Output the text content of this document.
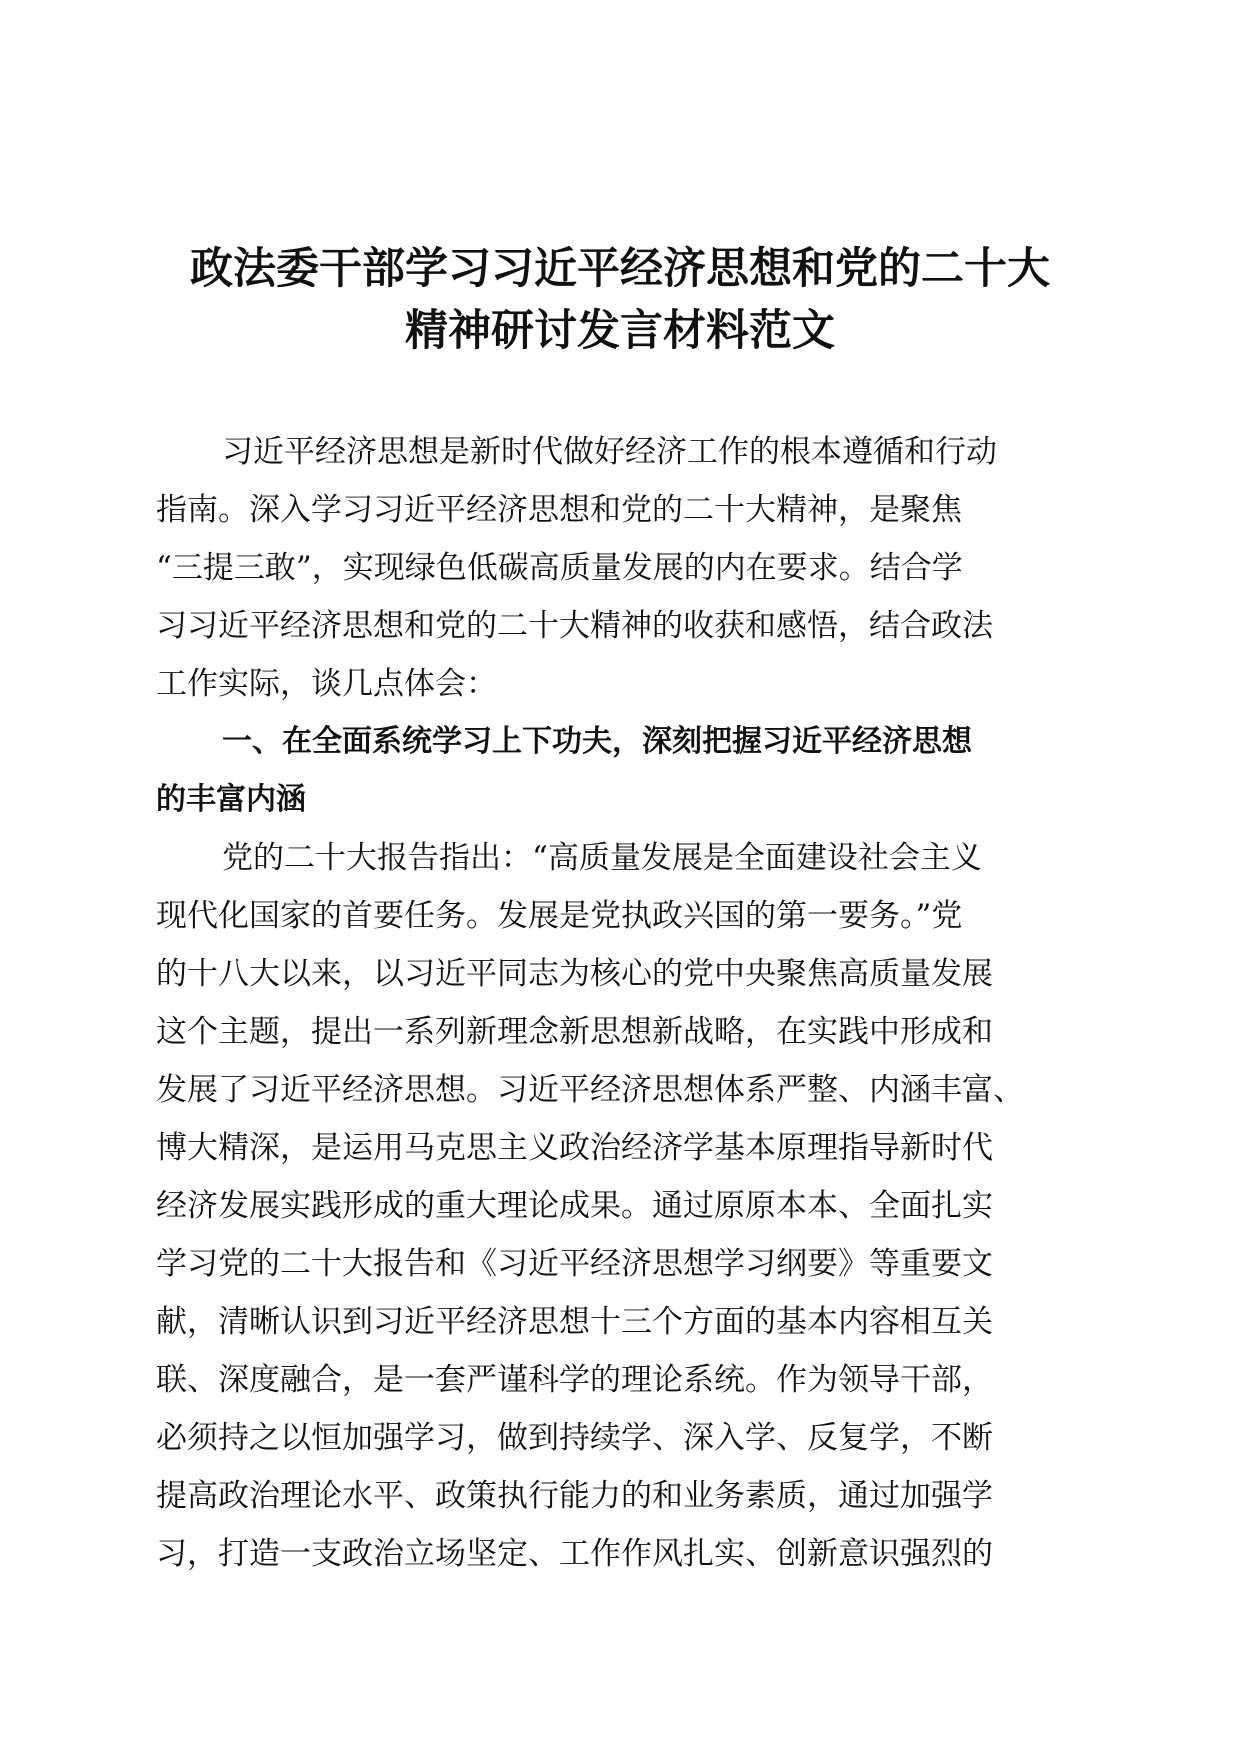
政法委干部学习习近平经济思想和党的二十大
精神研讨发言材料范文
习近平经济思想是新时代做好经济工作的根本遵循和行动
指南。深入学习习近平经济思想和党的二十大精神，是聚焦
“三提三敢”，实现绿色低碳高质量发展的内在要求。结合学
习习近平经济思想和党的二十大精神的收获和感悟，结合政法
工作实际，谈几点体会：
一、在全面系统学习上下功夫，深刻把握习近平经济思想
的丰富内涵
党的二十大报告指出：“高质量发展是全面建设社会主义
现代化国家的首要任务。发展是党执政兴国的第一要务。”党
的十八大以来，以习近平同志为核心的党中央聚焦高质量发展
这个主题，提出一系列新理念新思想新战略，在实践中形成和
发展了习近平经济思想。习近平经济思想体系严整、内涵丰富、
博大精深，是运用马克思主义政治经济学基本原理指导新时代
经济发展实践形成的重大理论成果。通过原原本本、全面扎实
学习党的二十大报告和《习近平经济思想学习纲要》等重要文
献，清晰认识到习近平经济思想十三个方面的基本内容相互关
联、深度融合，是一套严谨科学的理论系统。作为领导干部，
必须持之以恒加强学习，做到持续学、深入学、反复学，不断
提高政治理论水平、政策执行能力的和业务素质，通过加强学
习，打造一支政治立场坚定、工作作风扎实、创新意识强烈的
